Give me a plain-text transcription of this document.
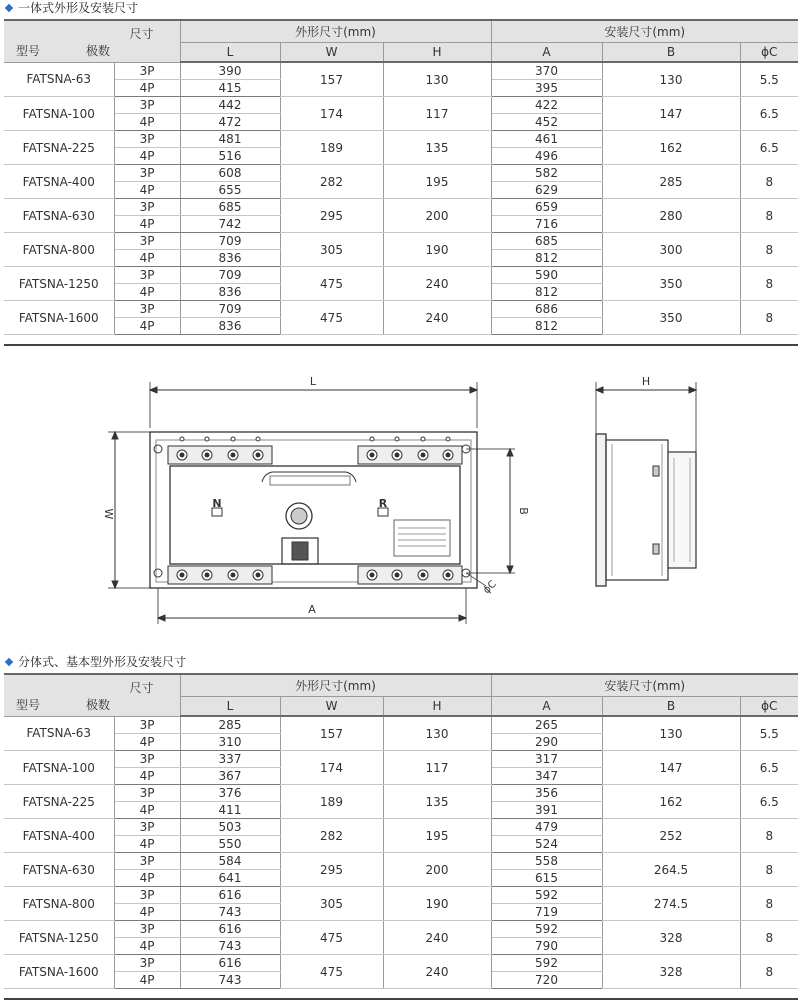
一体式外形及安装尺寸
尺寸
型号 极数		外形尺寸(mm)			安装尺寸(mm)		
		L	W	H	A	B	ϕC
FATSNA-63	3P	390	157	130	370	130	5.5
	4P	415			395		
FATSNA-100	3P	442	174	117	422	147	6.5
	4P	472			452		
FATSNA-225	3P	481	189	135	461	162	6.5
	4P	516			496		
FATSNA-400	3P	608	282	195	582	285	8
	4P	655			629		
FATSNA-630	3P	685	295	200	659	280	8
	4P	742			716		
FATSNA-800	3P	709	305	190	685	300	8
	4P	836			812		
FATSNA-1250	3P	709	475	240	590	350	8
	4P	836			812		
FATSNA-1600	3P	709	475	240	686	350	8
	4P	836			812		
L
W
A
B
H
ϕC
N	R
分体式、基本型外形及安装尺寸
尺寸
型号 极数		外形尺寸(mm)			安装尺寸(mm)		
		L	W	H	A	B	ϕC
FATSNA-63	3P	285	157	130	265	130	5.5
	4P	310			290		
FATSNA-100	3P	337	174	117	317	147	6.5
	4P	367			347		
FATSNA-225	3P	376	189	135	356	162	6.5
	4P	411			391		
FATSNA-400	3P	503	282	195	479	252	8
	4P	550			524		
FATSNA-630	3P	584	295	200	558	264.5	8
	4P	641			615		
FATSNA-800	3P	616	305	190	592	274.5	8
	4P	743			719		
FATSNA-1250	3P	616	475	240	592	328	8
	4P	743			790		
FATSNA-1600	3P	616	475	240	592	328	8
	4P	743			720		
